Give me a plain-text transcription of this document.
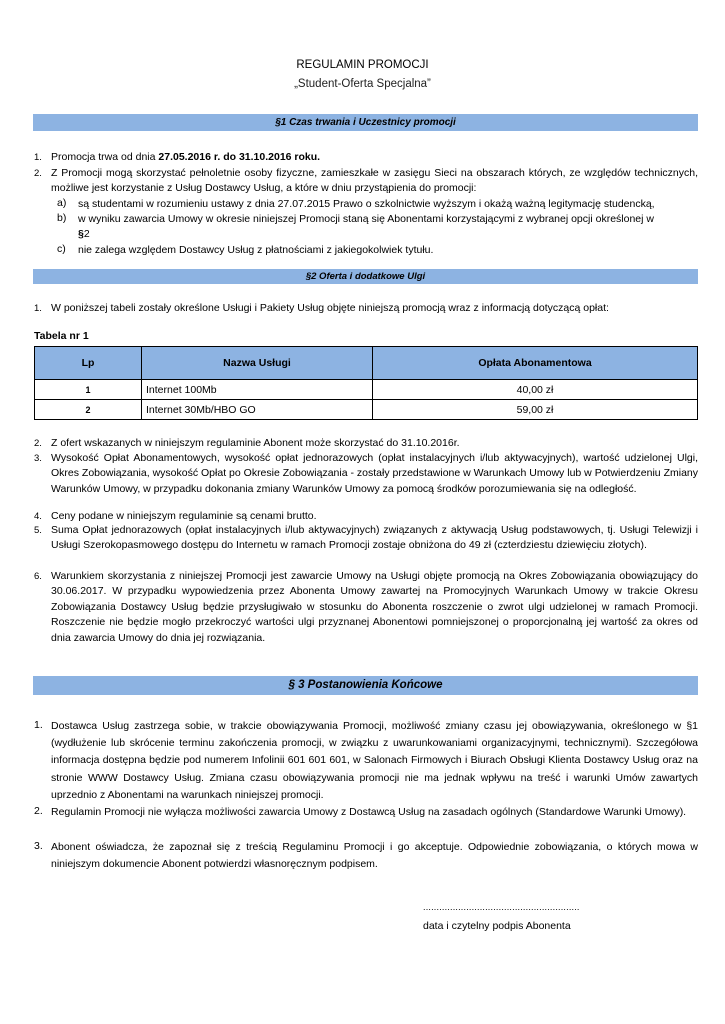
REGULAMIN PROMOCJI
„Student-Oferta Specjalna”
§1 Czas trwania i Uczestnicy promocji
1. Promocja trwa od dnia 27.05.2016 r. do 31.10.2016 roku.
2. Z Promocji mogą skorzystać pełnoletnie osoby fizyczne, zamieszkałe w zasięgu Sieci na obszarach których, ze względów technicznych, możliwe jest korzystanie z Usług Dostawcy Usług, a które w dniu przystąpienia do promocji:
a) są studentami w rozumieniu ustawy z dnia 27.07.2015 Prawo o szkolnictwie wyższym i okażą ważną legitymację studencką,
b) w wyniku zawarcia Umowy w okresie niniejszej Promocji staną się Abonentami korzystającymi z wybranej opcji określonej w
§2
c) nie zalega względem Dostawcy Usług z płatnościami z jakiegokolwiek tytułu.
§2 Oferta i dodatkowe Ulgi
1. W poniższej tabeli zostały określone Usługi i Pakiety Usług objęte niniejszą promocją wraz z informacją dotyczącą opłat:
Tabela nr 1
Lp	Nazwa Usługi	Opłata Abonamentowa
1	Internet 100Mb	40,00 zł
2	Internet 30Mb/HBO GO	59,00 zł
2. Z ofert wskazanych w niniejszym regulaminie Abonent może skorzystać do 31.10.2016r.
3. Wysokość Opłat Abonamentowych, wysokość opłat jednorazowych (opłat instalacyjnych i/lub aktywacyjnych), wartość udzielonej Ulgi, Okres Zobowiązania, wysokość Opłat po Okresie Zobowiązania - zostały przedstawione w Warunkach Umowy lub w Potwierdzeniu Zmiany Warunków Umowy, w przypadku dokonania zmiany Warunków Umowy za pomocą środków porozumiewania się na odległość.
4. Ceny podane w niniejszym regulaminie są cenami brutto.
5. Suma Opłat jednorazowych (opłat instalacyjnych i/lub aktywacyjnych) związanych z aktywacją Usług podstawowych, tj. Usługi Telewizji i Usługi Szerokopasmowego dostępu do Internetu w ramach Promocji zostaje obniżona do 49 zł (czterdziestu dziewięciu złotych).
6. Warunkiem skorzystania z niniejszej Promocji jest zawarcie Umowy na Usługi objęte promocją na Okres Zobowiązania obowiązujący do 30.06.2017. W przypadku wypowiedzenia przez Abonenta Umowy zawartej na Promocyjnych Warunkach Umowy w trakcie Okresu Zobowiązania Dostawcy Usług będzie przysługiwało w stosunku do Abonenta roszczenie o zwrot ulgi udzielonej w ramach Promocji. Roszczenie nie będzie mogło przekroczyć wartości ulgi przyznanej Abonentowi pomniejszonej o proporcjonalną jej wartość za okres od dnia zawarcia Umowy do dnia jej rozwiązania.
§ 3 Postanowienia Końcowe
1. Dostawca Usług zastrzega sobie, w trakcie obowiązywania Promocji, możliwość zmiany czasu jej obowiązywania, określonego w §1 (wydłużenie lub skrócenie terminu zakończenia promocji, w związku z uwarunkowaniami organizacyjnymi, technicznymi). Szczegółowa informacja dostępna będzie pod numerem Infolinii 601 601 601, w Salonach Firmowych i Biurach Obsługi Klienta Dostawcy Usług oraz na stronie WWW Dostawcy Usług. Zmiana czasu obowiązywania promocji nie ma jednak wpływu na treść i warunki Umów zawartych uprzednio z Abonentami na warunkach niniejszej promocji.
2. Regulamin Promocji nie wyłącza możliwości zawarcia Umowy z Dostawcą Usług na zasadach ogólnych (Standardowe Warunki Umowy).
3. Abonent oświadcza, że zapoznał się z treścią Regulaminu Promocji i go akceptuje. Odpowiednie zobowiązania, o których mowa w niniejszym dokumencie Abonent potwierdzi własnoręcznym podpisem.
..........................................................
data i czytelny podpis Abonenta
